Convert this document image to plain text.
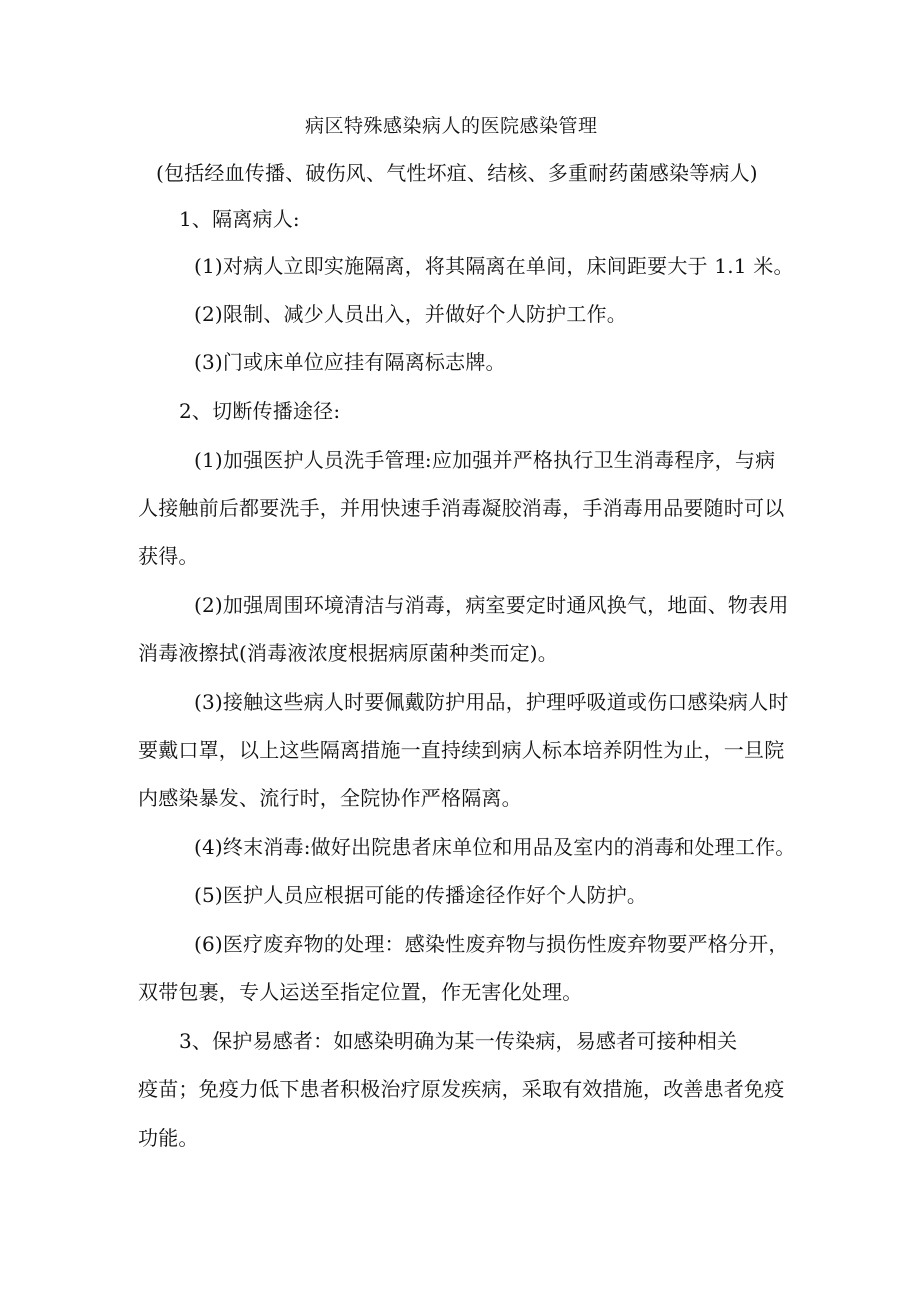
病区特殊感染病人的医院感染管理
(包括经血传播、破伤风、气性坏疽、结核、多重耐药菌感染等病人)
1、隔离病人:
(1)对病人立即实施隔离，将其隔离在单间，床间距要大于 1.1 米。
(2)限制、减少人员出入，并做好个人防护工作。
(3)门或床单位应挂有隔离标志牌。
2、切断传播途径:
(1)加强医护人员洗手管理:应加强并严格执行卫生消毒程序，与病
人接触前后都要洗手，并用快速手消毒凝胶消毒，手消毒用品要随时可以
获得。
(2)加强周围环境清洁与消毒，病室要定时通风换气，地面、物表用
消毒液擦拭(消毒液浓度根据病原菌种类而定)。
(3)接触这些病人时要佩戴防护用品，护理呼吸道或伤口感染病人时
要戴口罩，以上这些隔离措施一直持续到病人标本培养阴性为止，一旦院
内感染暴发、流行时，全院协作严格隔离。
(4)终末消毒:做好出院患者床单位和用品及室内的消毒和处理工作。
(5)医护人员应根据可能的传播途径作好个人防护。
(6)医疗废弃物的处理：感染性废弃物与损伤性废弃物要严格分开，
双带包裹，专人运送至指定位置，作无害化处理。
3、保护易感者：如感染明确为某一传染病，易感者可接种相关
疫苗；免疫力低下患者积极治疗原发疾病，采取有效措施，改善患者免疫
功能。
